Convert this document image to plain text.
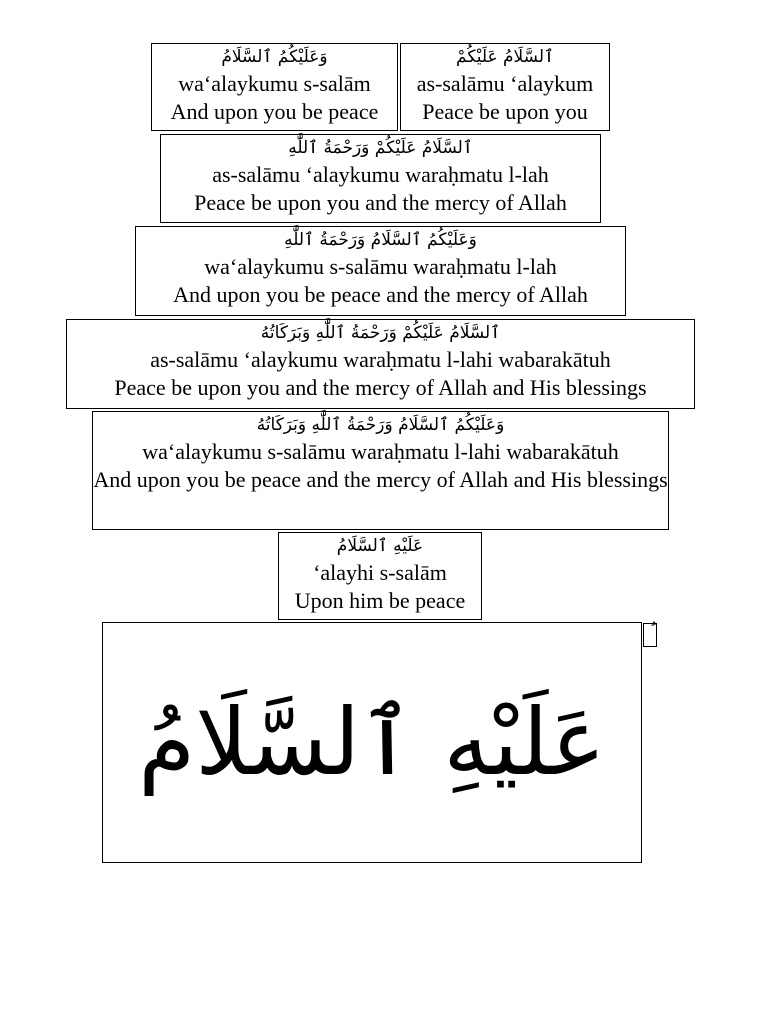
وَعَلَيْكُمُ ٱلسَّلَامُ
wa‘alaykumu s-salām
And upon you be peace
ٱلسَّلَامُ عَلَيْكُمْ
as-salāmu ‘alaykum
Peace be upon you
ٱلسَّلَامُ عَلَيْكُمْ وَرَحْمَةُ ٱللَّٰهِ
as-salāmu ‘alaykumu waraḥmatu l-lah
Peace be upon you and the mercy of Allah
وَعَلَيْكُمُ ٱلسَّلَامُ وَرَحْمَةُ ٱللَّٰهِ
wa‘alaykumu s-salāmu waraḥmatu l-lah
And upon you be peace and the mercy of Allah
ٱلسَّلَامُ عَلَيْكُمْ وَرَحْمَةُ ٱللَّٰهِ وَبَرَكَاتُهُ
as-salāmu ‘alaykumu waraḥmatu l-lahi wabarakātuh
Peace be upon you and the mercy of Allah and His blessings
وَعَلَيْكُمُ ٱلسَّلَامُ وَرَحْمَةُ ٱللَّٰهِ وَبَرَكَاتُهُ
wa‘alaykumu s-salāmu waraḥmatu l-lahi wabarakātuh
And upon you be peace and the mercy of Allah and His blessings
عَلَيْهِ ٱلسَّلَامُ
‘alayhi s-salām
Upon him be peace
عَلَيْهِ ٱلسَّلَامُ
